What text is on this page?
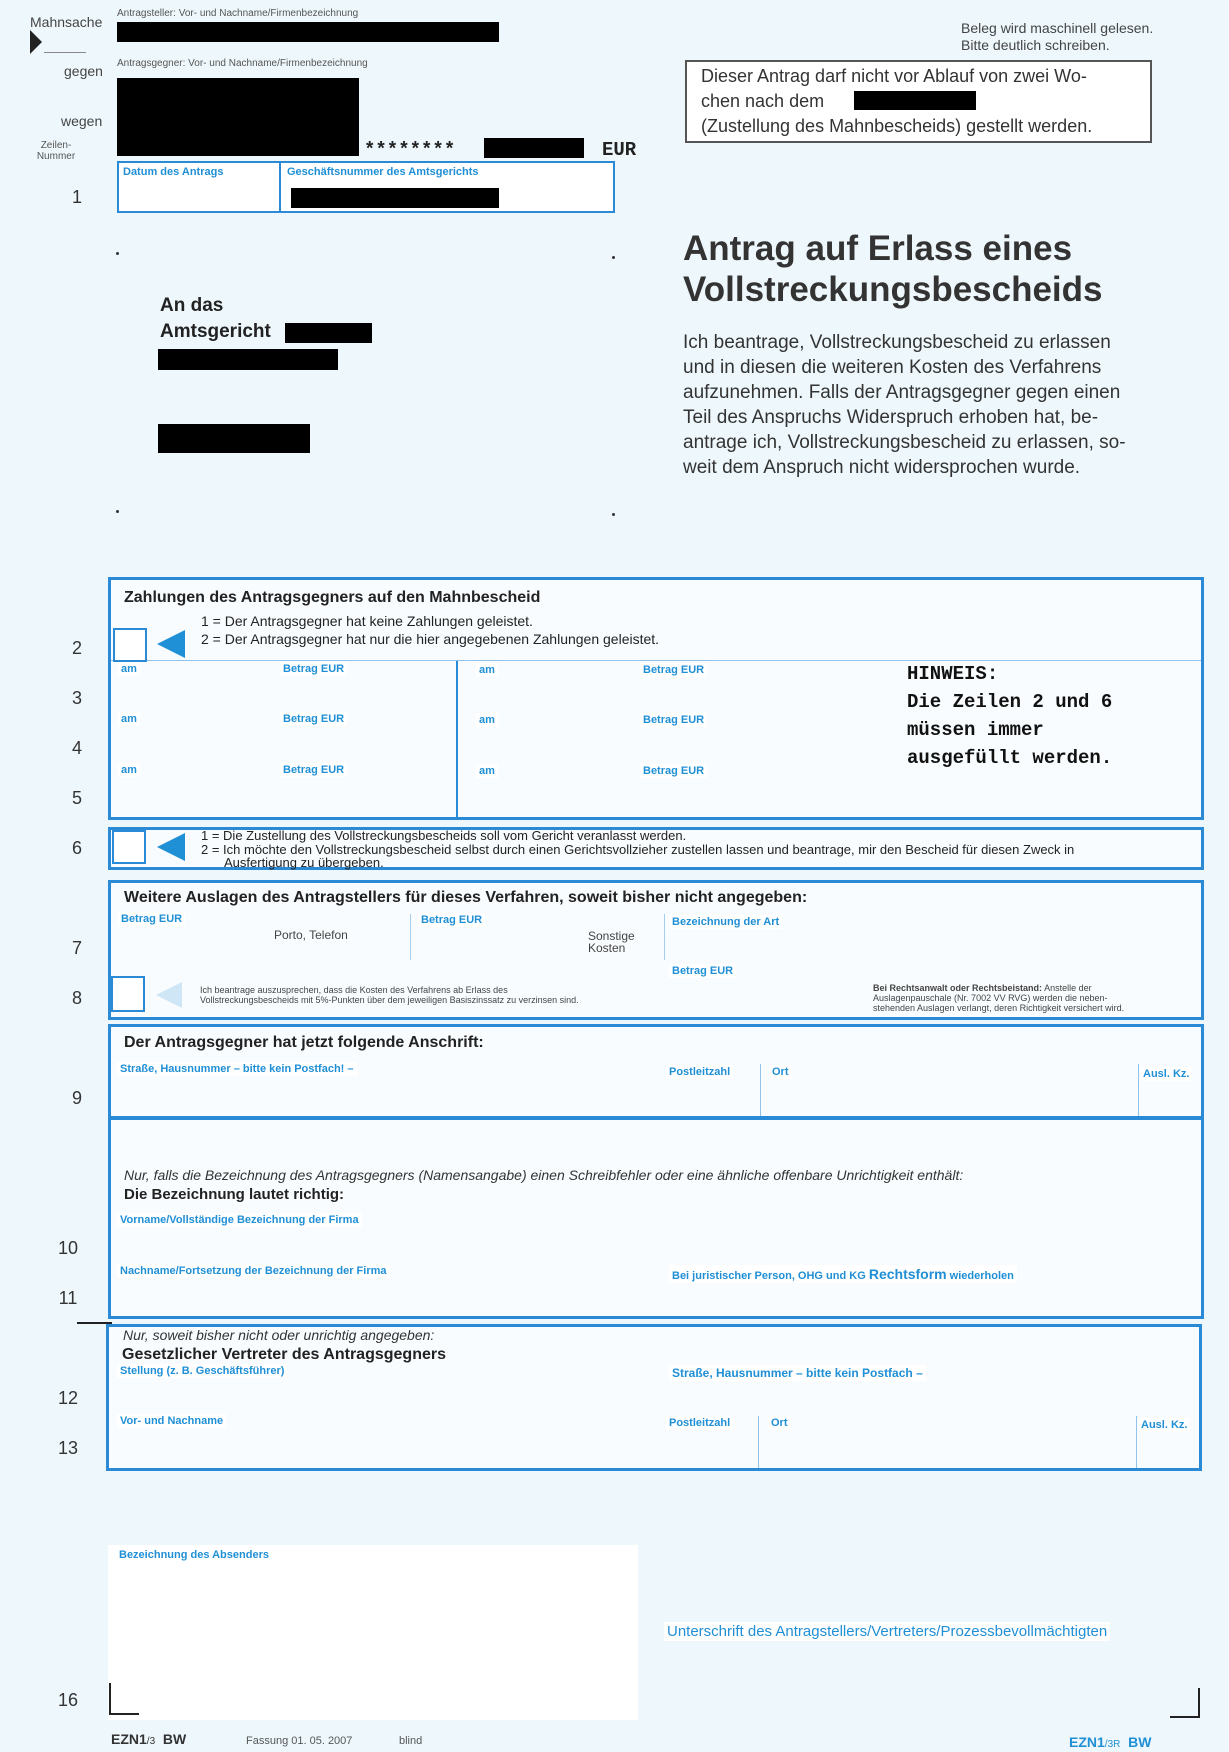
Mahnsache
gegen
wegen
Zeilen-
Nummer
Antragsteller: Vor- und Nachname/Firmenbezeichnung
Antragsgegner: Vor- und Nachname/Firmenbezeichnung
********	EUR
Datum des Antrags	Geschäftsnummer des Amtsgerichts
Beleg wird maschinell gelesen.
Bitte deutlich schreiben.
Dieser Antrag darf nicht vor Ablauf von zwei Wo-
chen nach dem
(Zustellung des Mahnbescheids) gestellt werden.
An das
Amtsgericht
Antrag auf Erlass eines
Vollstreckungsbescheids
Ich beantrage, Vollstreckungsbescheid zu erlassen
und in diesen die weiteren Kosten des Verfahrens
aufzunehmen. Falls der Antragsgegner gegen einen
Teil des Anspruchs Widerspruch erhoben hat, be-
antrage ich, Vollstreckungsbescheid zu erlassen, so-
weit dem Anspruch nicht widersprochen wurde.
1
2
3
4
5
6
7
8
9
10
11
12
13
16
Zahlungen des Antragsgegners auf den Mahnbescheid
1 = Der Antragsgegner hat keine Zahlungen geleistet.
2 = Der Antragsgegner hat nur die hier angegebenen Zahlungen geleistet.
am	Betrag EUR	am	Betrag EUR
am	Betrag EUR	am	Betrag EUR
am	Betrag EUR	am	Betrag EUR
HINWEIS:
Die Zeilen 2 und 6
müssen immer
ausgefüllt werden.
1 = Die Zustellung des Vollstreckungsbescheids soll vom Gericht veranlasst werden.
2 = Ich möchte den Vollstreckungsbescheid selbst durch einen Gerichtsvollzieher zustellen lassen und beantrage, mir den Bescheid für diesen Zweck in
Ausfertigung zu übergeben.
Weitere Auslagen des Antragstellers für dieses Verfahren, soweit bisher nicht angegeben:
Betrag EUR
Porto, Telefon
Betrag EUR
Sonstige
Kosten
Bezeichnung der Art
Betrag EUR
Ich beantrage auszusprechen, dass die Kosten des Verfahrens ab Erlass des
Vollstreckungsbescheids mit 5%-Punkten über dem jeweiligen Basiszinssatz zu verzinsen sind.
Bei Rechtsanwalt oder Rechtsbeistand: Anstelle der
Auslagenpauschale (Nr. 7002 VV RVG) werden die neben-
stehenden Auslagen verlangt, deren Richtigkeit versichert wird.
Der Antragsgegner hat jetzt folgende Anschrift:
Straße, Hausnummer – bitte kein Postfach! –	Postleitzahl	Ort	Ausl. Kz.
Nur, falls die Bezeichnung des Antragsgegners (Namensangabe) einen Schreibfehler oder eine ähnliche offenbare Unrichtigkeit enthält:
Die Bezeichnung lautet richtig:
Vorname/Vollständige Bezeichnung der Firma
Nachname/Fortsetzung der Bezeichnung der Firma	Bei juristischer Person, OHG und KG Rechtsform wiederholen
Nur, soweit bisher nicht oder unrichtig angegeben:
Gesetzlicher Vertreter des Antragsgegners
Stellung (z. B. Geschäftsführer)	Straße, Hausnummer – bitte kein Postfach –
Vor- und Nachname	Postleitzahl	Ort	Ausl. Kz.
Bezeichnung des Absenders
Unterschrift des Antragstellers/Vertreters/Prozessbevollmächtigten
EZN1/3 BW	Fassung 01. 05. 2007	blind	EZN1/3R BW
